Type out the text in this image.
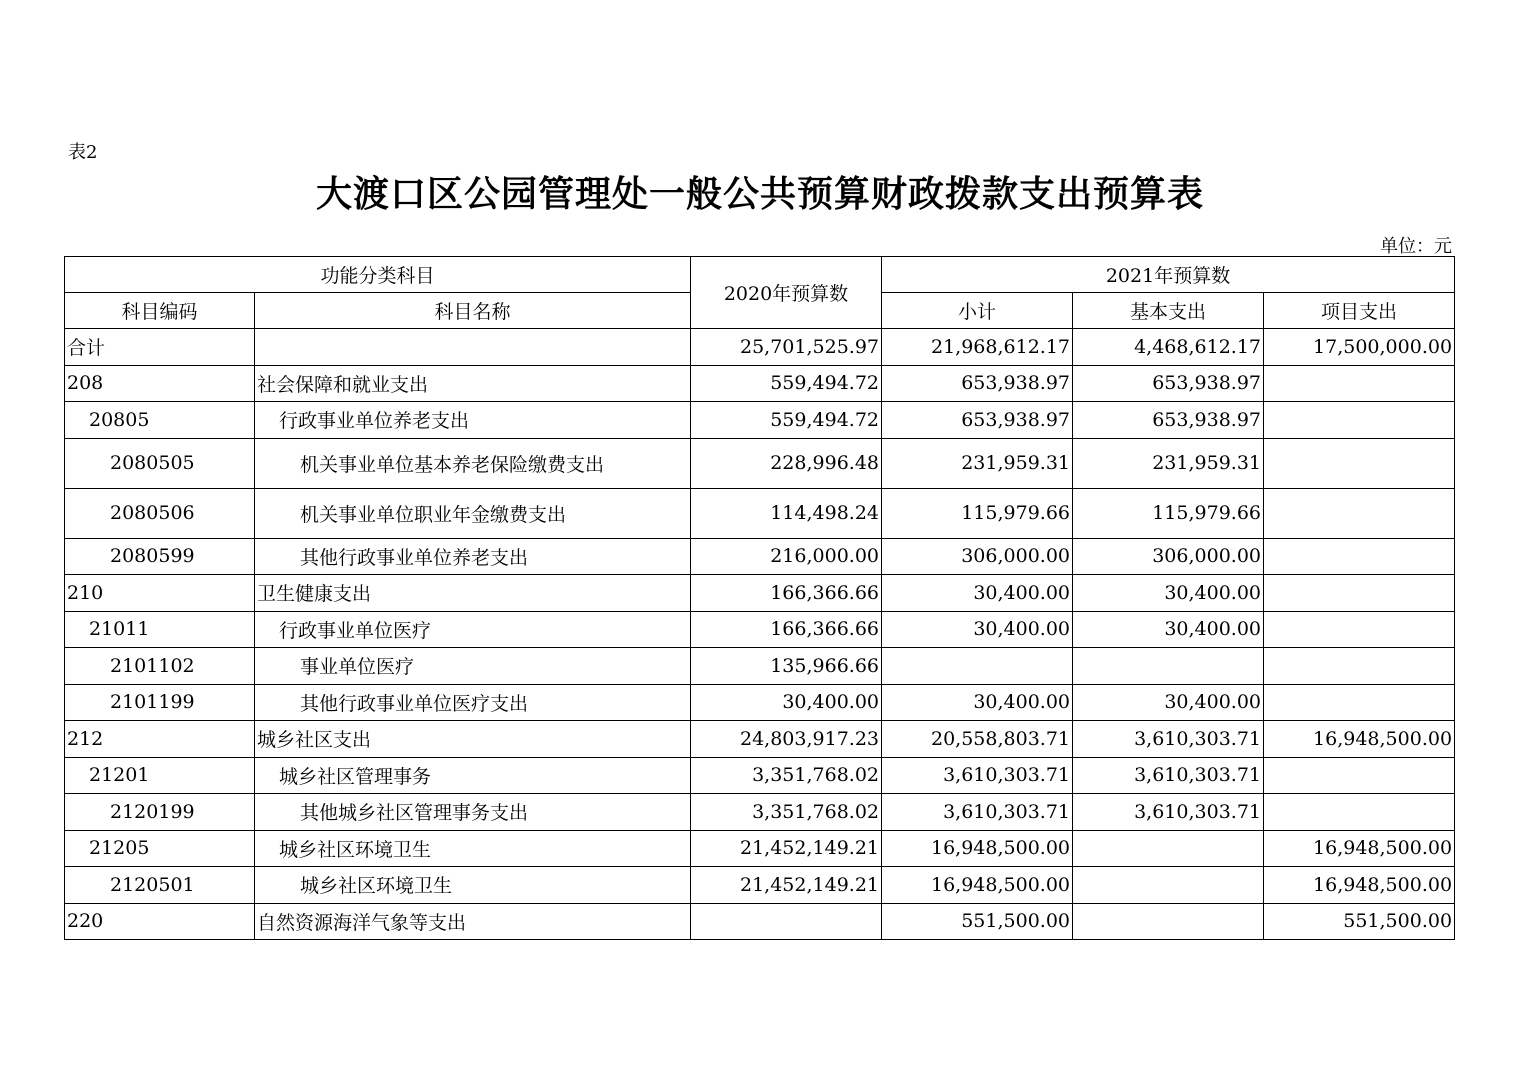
表2
大渡口区公园管理处一般公共预算财政拨款支出预算表
单位：元
功能分类科目		2020年预算数	2021年预算数		
科目编码	科目名称		小计	基本支出	项目支出
合计		25,701,525.97	21,968,612.17	4,468,612.17	17,500,000.00
208	社会保障和就业支出	559,494.72	653,938.97	653,938.97	
20805	行政事业单位养老支出	559,494.72	653,938.97	653,938.97	
2080505	机关事业单位基本养老保险缴费支出	228,996.48	231,959.31	231,959.31	
2080506	机关事业单位职业年金缴费支出	114,498.24	115,979.66	115,979.66	
2080599	其他行政事业单位养老支出	216,000.00	306,000.00	306,000.00	
210	卫生健康支出	166,366.66	30,400.00	30,400.00	
21011	行政事业单位医疗	166,366.66	30,400.00	30,400.00	
2101102	事业单位医疗	135,966.66			
2101199	其他行政事业单位医疗支出	30,400.00	30,400.00	30,400.00	
212	城乡社区支出	24,803,917.23	20,558,803.71	3,610,303.71	16,948,500.00
21201	城乡社区管理事务	3,351,768.02	3,610,303.71	3,610,303.71	
2120199	其他城乡社区管理事务支出	3,351,768.02	3,610,303.71	3,610,303.71	
21205	城乡社区环境卫生	21,452,149.21	16,948,500.00		16,948,500.00
2120501	城乡社区环境卫生	21,452,149.21	16,948,500.00		16,948,500.00
220	自然资源海洋气象等支出		551,500.00		551,500.00
